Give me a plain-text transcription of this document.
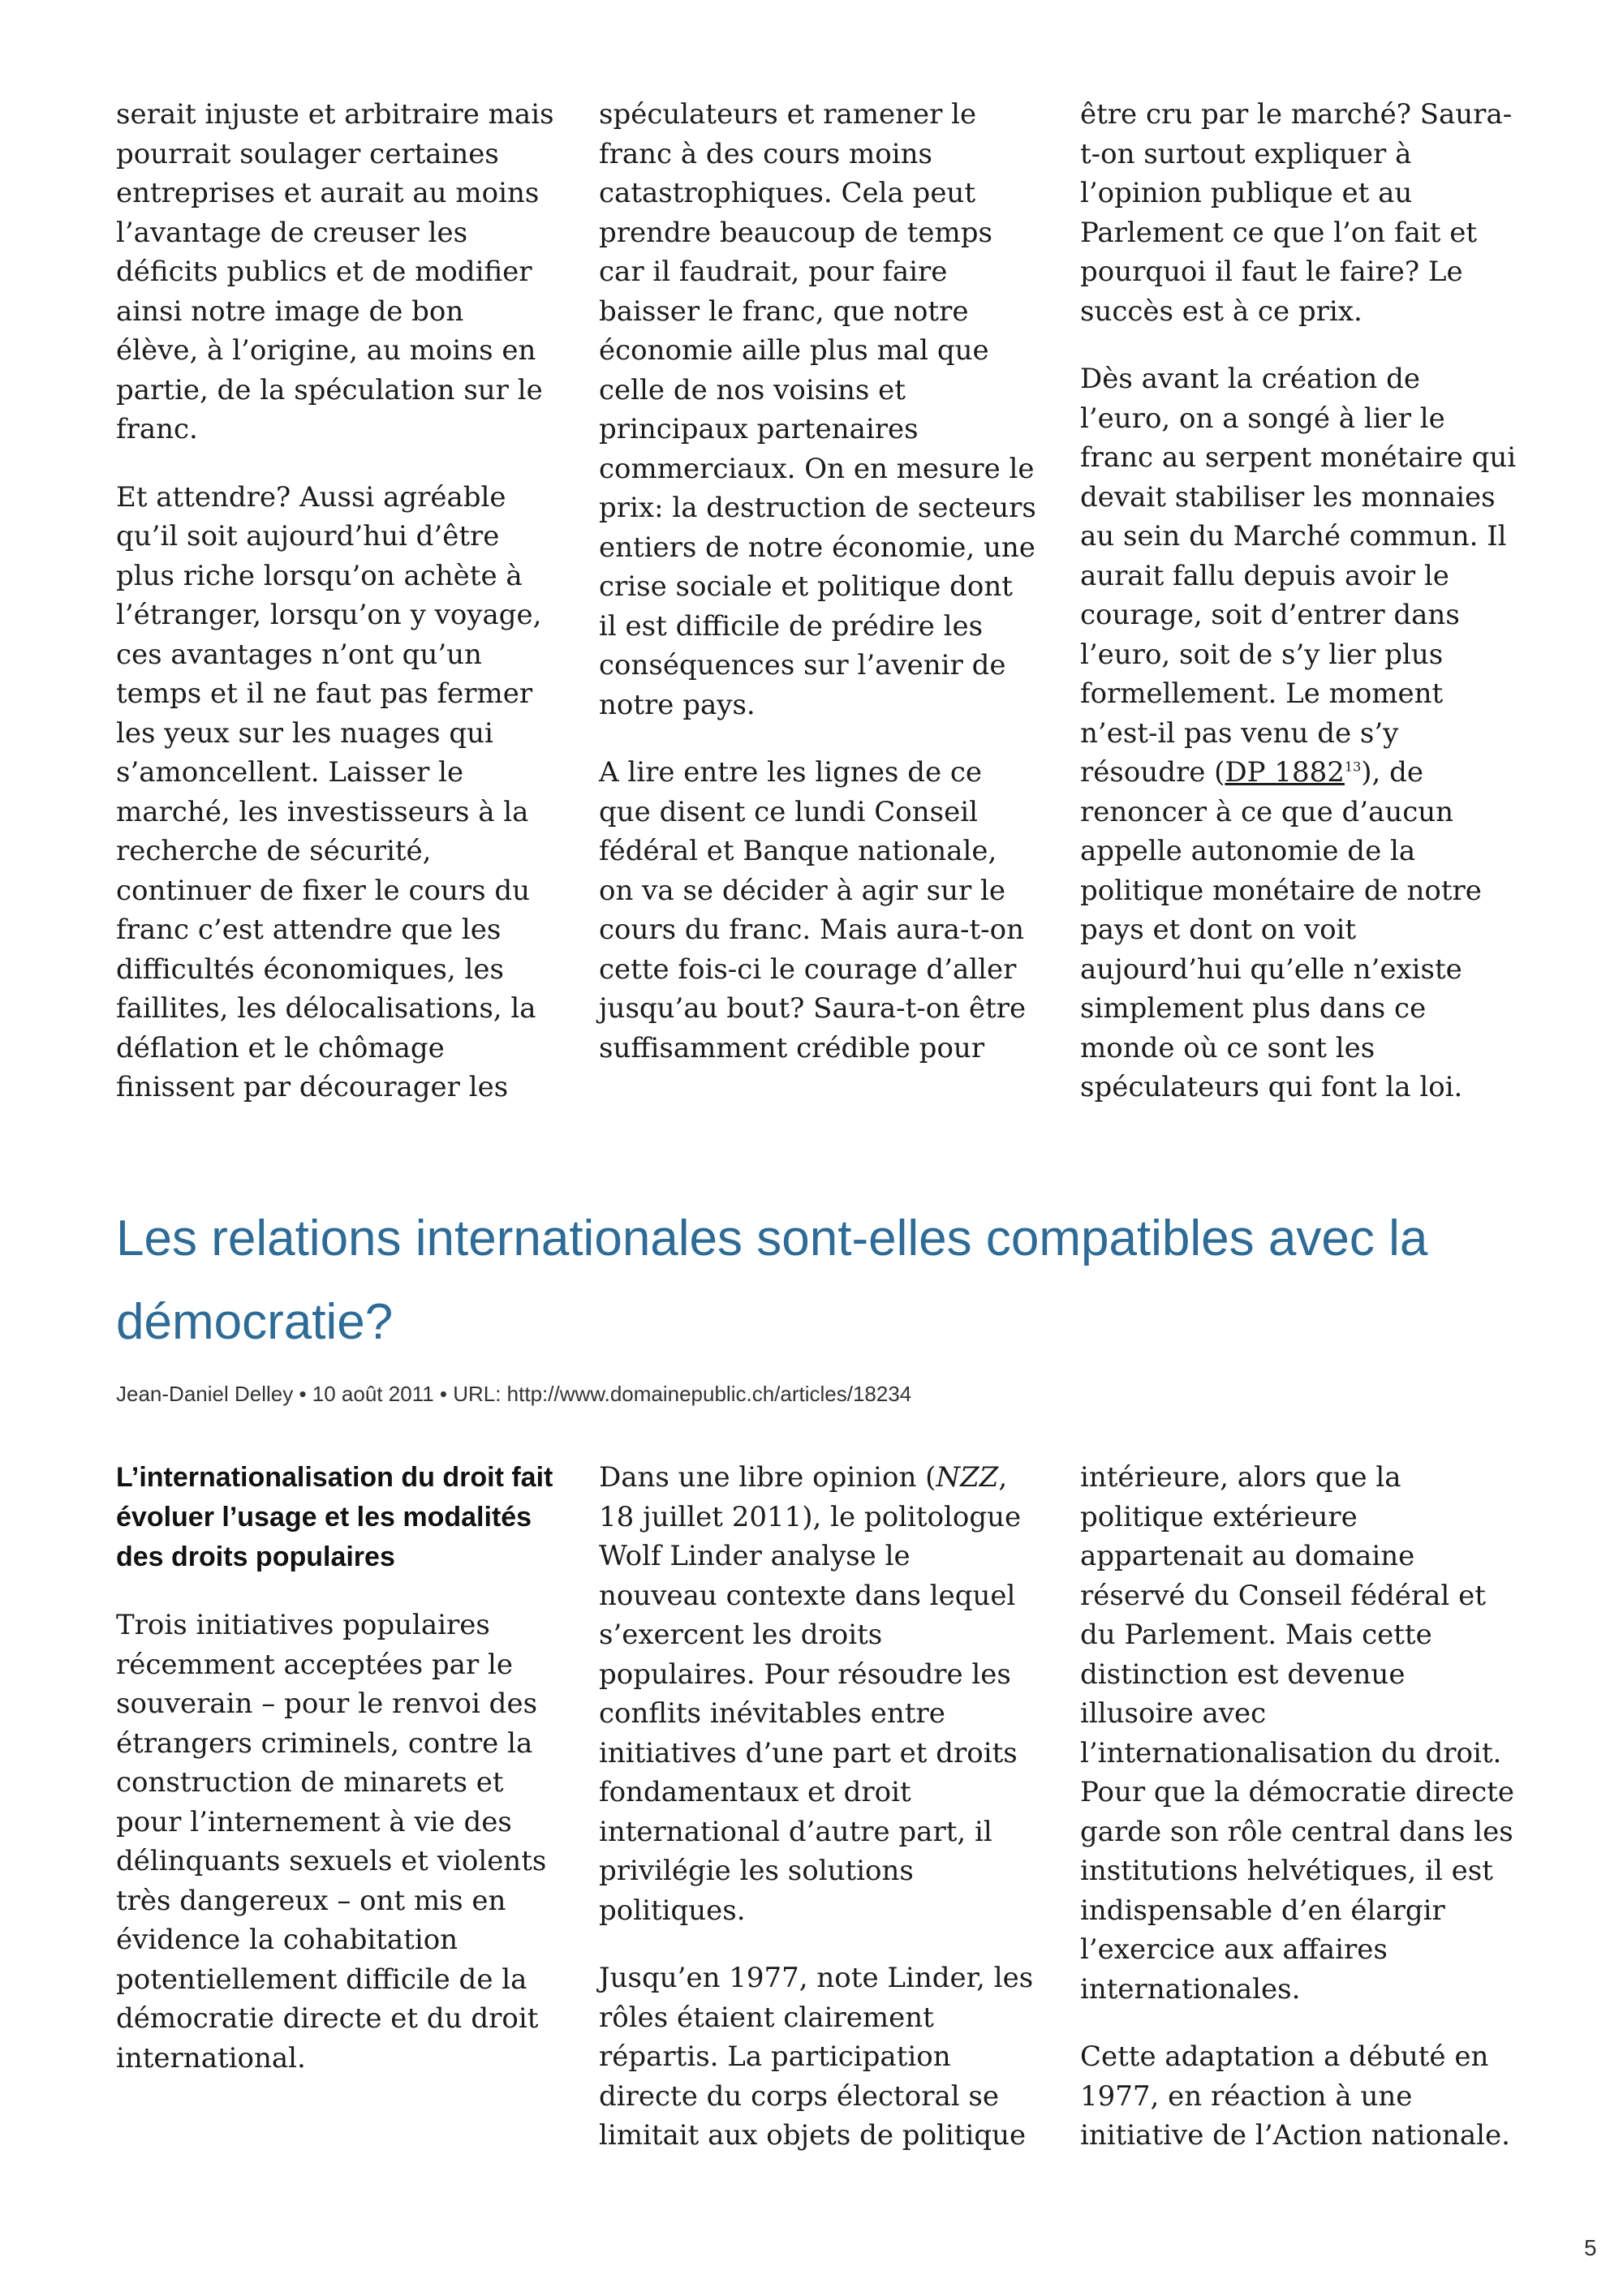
serait injuste et arbitraire mais pourrait soulager certaines entreprises et aurait au moins l’avantage de creuser les déficits publics et de modifier ainsi notre image de bon élève, à l’origine, au moins en partie, de la spéculation sur le franc.

Et attendre? Aussi agréable qu’il soit aujourd’hui d’être plus riche lorsqu’on achète à l’étranger, lorsqu’on y voyage, ces avantages n’ont qu’un temps et il ne faut pas fermer les yeux sur les nuages qui s’amoncellent. Laisser le marché, les investisseurs à la recherche de sécurité, continuer de fixer le cours du franc c’est attendre que les difficultés économiques, les faillites, les délocalisations, la déflation et le chômage finissent par décourager les

spéculateurs et ramener le franc à des cours moins catastrophiques. Cela peut prendre beaucoup de temps car il faudrait, pour faire baisser le franc, que notre économie aille plus mal que celle de nos voisins et principaux partenaires commerciaux. On en mesure le prix: la destruction de secteurs entiers de notre économie, une crise sociale et politique dont il est difficile de prédire les conséquences sur l’avenir de notre pays.

A lire entre les lignes de ce que disent ce lundi Conseil fédéral et Banque nationale, on va se décider à agir sur le cours du franc. Mais aura-t-on cette fois-ci le courage d’aller jusqu’au bout? Saura-t-on être suffisamment crédible pour

être cru par le marché? Saura-t-on surtout expliquer à l’opinion publique et au Parlement ce que l’on fait et pourquoi il faut le faire? Le succès est à ce prix.

Dès avant la création de l’euro, on a songé à lier le franc au serpent monétaire qui devait stabiliser les monnaies au sein du Marché commun. Il aurait fallu depuis avoir le courage, soit d’entrer dans l’euro, soit de s’y lier plus formellement. Le moment n’est-il pas venu de s’y résoudre (DP 1882$^{13}$), de renoncer à ce que d’aucun appelle autonomie de la politique monétaire de notre pays et dont on voit aujourd’hui qu’elle n’existe simplement plus dans ce monde où ce sont les spéculateurs qui font la loi.

Les relations internationales sont-elles compatibles avec la démocratie?
Jean-Daniel Delley • 10 août 2011 • URL: http://www.domainepublic.ch/articles/18234
L’internationalisation du droit fait évoluer l’usage et les modalités des droits populaires

Trois initiatives populaires récemment acceptées par le souverain – pour le renvoi des étrangers criminels, contre la construction de minarets et pour l’internement à vie des délinquants sexuels et violents très dangereux – ont mis en évidence la cohabitation potentiellement difficile de la démocratie directe et du droit international.

Dans une libre opinion (NZZ, 18 juillet 2011), le politologue Wolf Linder analyse le nouveau contexte dans lequel s’exercent les droits populaires. Pour résoudre les conflits inévitables entre initiatives d’une part et droits fondamentaux et droit international d’autre part, il privilégie les solutions politiques.

Jusqu’en 1977, note Linder, les rôles étaient clairement répartis. La participation directe du corps électoral se limitait aux objets de politique

intérieure, alors que la politique extérieure appartenait au domaine réservé du Conseil fédéral et du Parlement. Mais cette distinction est devenue illusoire avec l’internationalisation du droit. Pour que la démocratie directe garde son rôle central dans les institutions helvétiques, il est indispensable d’en élargir l’exercice aux affaires internationales.

Cette adaptation a débuté en 1977, en réaction à une initiative de l’Action nationale.

5
